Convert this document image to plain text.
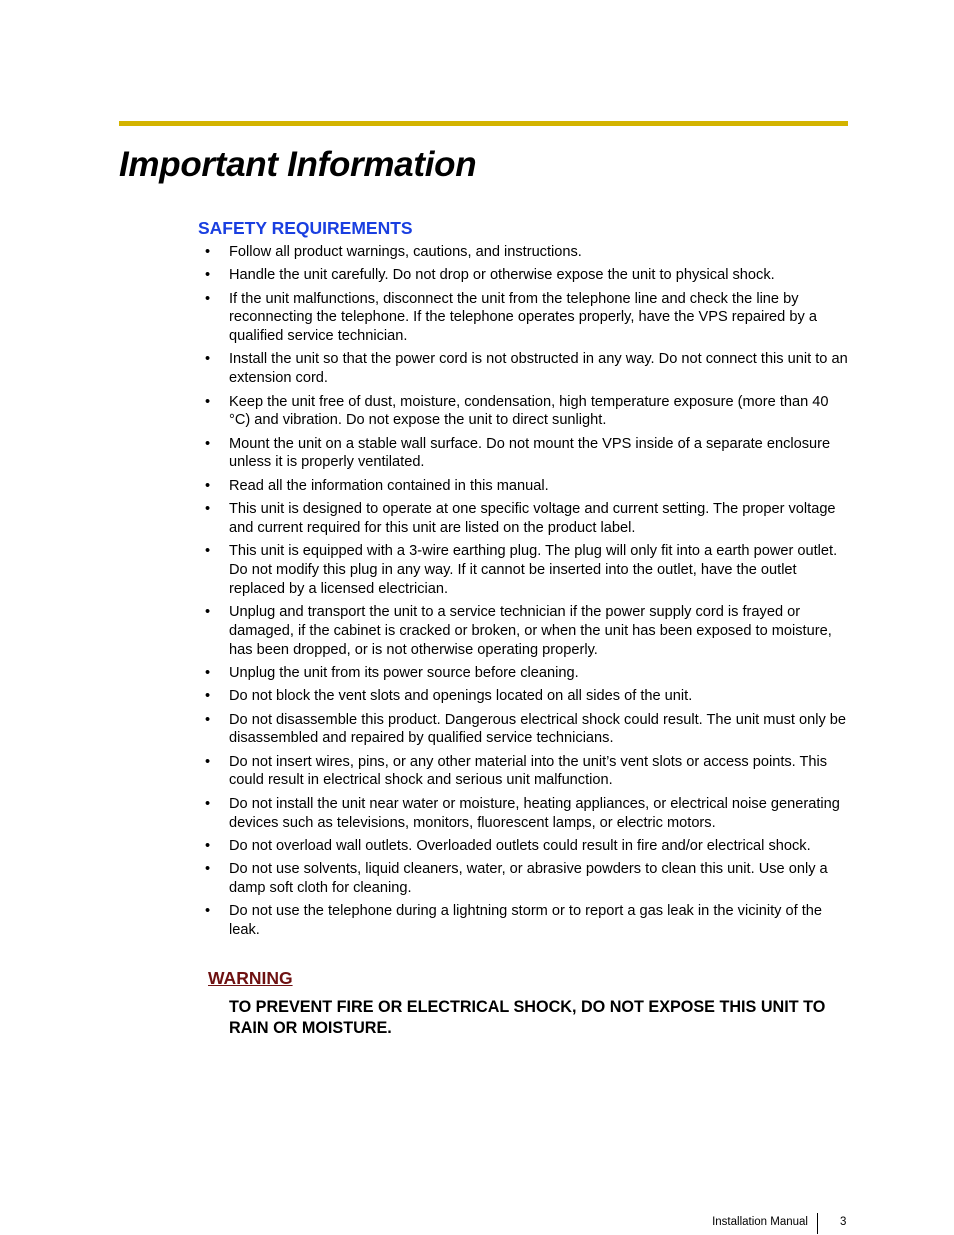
Important Information
SAFETY REQUIREMENTS
• Follow all product warnings, cautions, and instructions.
• Handle the unit carefully. Do not drop or otherwise expose the unit to physical shock.
• If the unit malfunctions, disconnect the unit from the telephone line and check the line by reconnecting the telephone. If the telephone operates properly, have the VPS repaired by a qualified service technician.
• Install the unit so that the power cord is not obstructed in any way. Do not connect this unit to an extension cord.
• Keep the unit free of dust, moisture, condensation, high temperature exposure (more than 40 °C) and vibration. Do not expose the unit to direct sunlight.
• Mount the unit on a stable wall surface. Do not mount the VPS inside of a separate enclosure unless it is properly ventilated.
• Read all the information contained in this manual.
• This unit is designed to operate at one specific voltage and current setting. The proper voltage and current required for this unit are listed on the product label.
• This unit is equipped with a 3-wire earthing plug. The plug will only fit into a earth power outlet. Do not modify this plug in any way. If it cannot be inserted into the outlet, have the outlet replaced by a licensed electrician.
• Unplug and transport the unit to a service technician if the power supply cord is frayed or damaged, if the cabinet is cracked or broken, or when the unit has been exposed to moisture, has been dropped, or is not otherwise operating properly.
• Unplug the unit from its power source before cleaning.
• Do not block the vent slots and openings located on all sides of the unit.
• Do not disassemble this product. Dangerous electrical shock could result. The unit must only be disassembled and repaired by qualified service technicians.
• Do not insert wires, pins, or any other material into the unit’s vent slots or access points. This could result in electrical shock and serious unit malfunction.
• Do not install the unit near water or moisture, heating appliances, or electrical noise generating devices such as televisions, monitors, fluorescent lamps, or electric motors.
• Do not overload wall outlets. Overloaded outlets could result in fire and/or electrical shock.
• Do not use solvents, liquid cleaners, water, or abrasive powders to clean this unit. Use only a damp soft cloth for cleaning.
• Do not use the telephone during a lightning storm or to report a gas leak in the vicinity of the leak.
WARNING

TO PREVENT FIRE OR ELECTRICAL SHOCK, DO NOT EXPOSE THIS UNIT TO RAIN OR MOISTURE.

Installation Manual	3
